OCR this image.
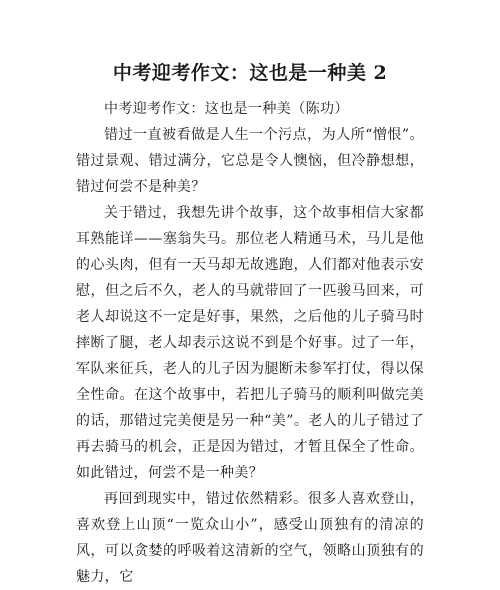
中考迎考作文：这也是一种美 2

中考迎考作文：这也是一种美（陈功）

错过一直被看做是人生一个污点，为人所“憎恨”。错过景观、错过满分，它总是令人懊恼，但冷静想想，错过何尝不是种美？

关于错过，我想先讲个故事，这个故事相信大家都耳熟能详——塞翁失马。那位老人精通马术，马儿是他的心头肉，但有一天马却无故逃跑，人们都对他表示安慰，但之后不久，老人的马就带回了一匹骏马回来，可老人却说这不一定是好事，果然，之后他的儿子骑马时摔断了腿，老人却表示这说不到是个好事。过了一年，军队来征兵，老人的儿子因为腿断未参军打仗，得以保全性命。在这个故事中，若把儿子骑马的顺利叫做完美的话，那错过完美便是另一种“美”。老人的儿子错过了再去骑马的机会，正是因为错过，才暂且保全了性命。如此错过，何尝不是一种美？

再回到现实中，错过依然精彩。很多人喜欢登山，喜欢登上山顶“一览众山小”，感受山顶独有的清凉的风，可以贪婪的呼吸着这清新的空气，领略山顶独有的魅力，它
